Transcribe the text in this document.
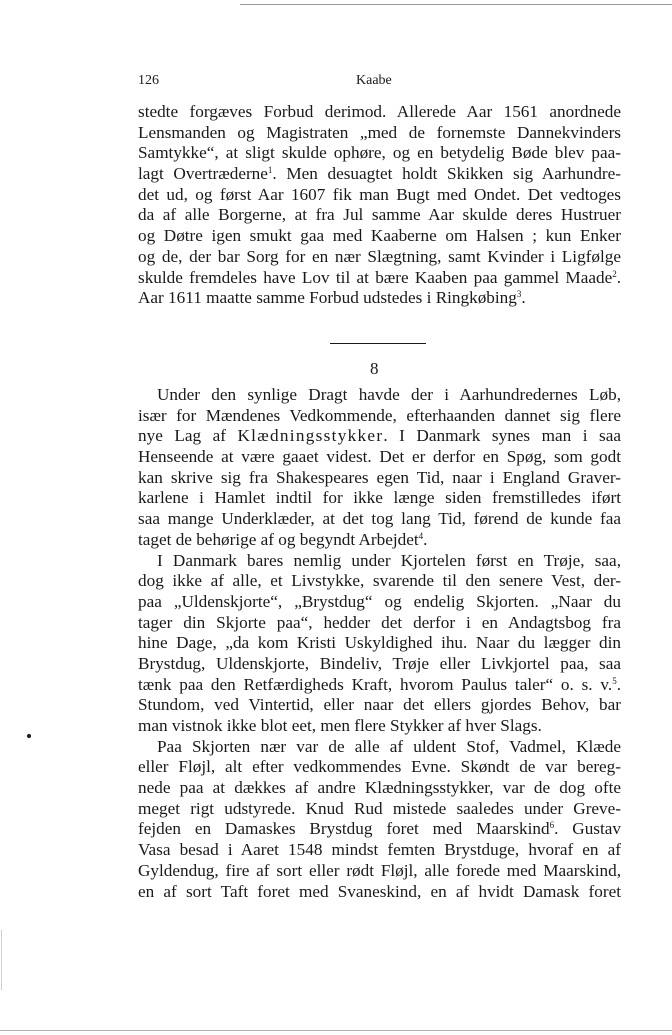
126	Kaabe
stedte forgæves Forbud derimod. Allerede Aar 1561 anordnede
Lensmanden og Magistraten „med de fornemste Dannekvinders
Samtykke“, at sligt skulde ophøre, og en betydelig Bøde blev paa-
lagt Overtræderne$^1$. Men desuagtet holdt Skikken sig Aarhundre-
det ud, og først Aar 1607 fik man Bugt med Ondet. Det vedtoges
da af alle Borgerne, at fra Jul samme Aar skulde deres Hustruer
og Døtre igen smukt gaa med Kaaberne om Halsen ; kun Enker
og de, der bar Sorg for en nær Slægtning, samt Kvinder i Ligfølge
skulde fremdeles have Lov til at bære Kaaben paa gammel Maade$^2$.
Aar 1611 maatte samme Forbud udstedes i Ringkøbing$^3$.
8
Under den synlige Dragt havde der i Aarhundredernes Løb,
især for Mændenes Vedkommende, efterhaanden dannet sig flere
nye Lag af Klædningsstykker. I Danmark synes man i saa
Henseende at være gaaet videst. Det er derfor en Spøg, som godt
kan skrive sig fra Shakespeares egen Tid, naar i England Graver-
karlene i Hamlet indtil for ikke længe siden fremstilledes iført
saa mange Underklæder, at det tog lang Tid, førend de kunde faa
taget de behørige af og begyndt Arbejdet$^4$.
I Danmark bares nemlig under Kjortelen først en Trøje, saa,
dog ikke af alle, et Livstykke, svarende til den senere Vest, der-
paa „Uldenskjorte“, „Brystdug“ og endelig Skjorten. „Naar du
tager din Skjorte paa“, hedder det derfor i en Andagtsbog fra
hine Dage, „da kom Kristi Uskyldighed ihu. Naar du lægger din
Brystdug, Uldenskjorte, Bindeliv, Trøje eller Livkjortel paa, saa
tænk paa den Retfærdigheds Kraft, hvorom Paulus taler“ o. s. v.$^5$.
Stundom, ved Vintertid, eller naar det ellers gjordes Behov, bar
man vistnok ikke blot eet, men flere Stykker af hver Slags.
Paa Skjorten nær var de alle af uldent Stof, Vadmel, Klæde
eller Fløjl, alt efter vedkommendes Evne. Skøndt de var bereg-
nede paa at dækkes af andre Klædningsstykker, var de dog ofte
meget rigt udstyrede. Knud Rud mistede saaledes under Greve-
fejden en Damaskes Brystdug foret med Maarskind$^6$. Gustav
Vasa besad i Aaret 1548 mindst femten Brystduge, hvoraf en af
Gyldendug, fire af sort eller rødt Fløjl, alle forede med Maarskind,
en af sort Taft foret med Svaneskind, en af hvidt Damask foret
